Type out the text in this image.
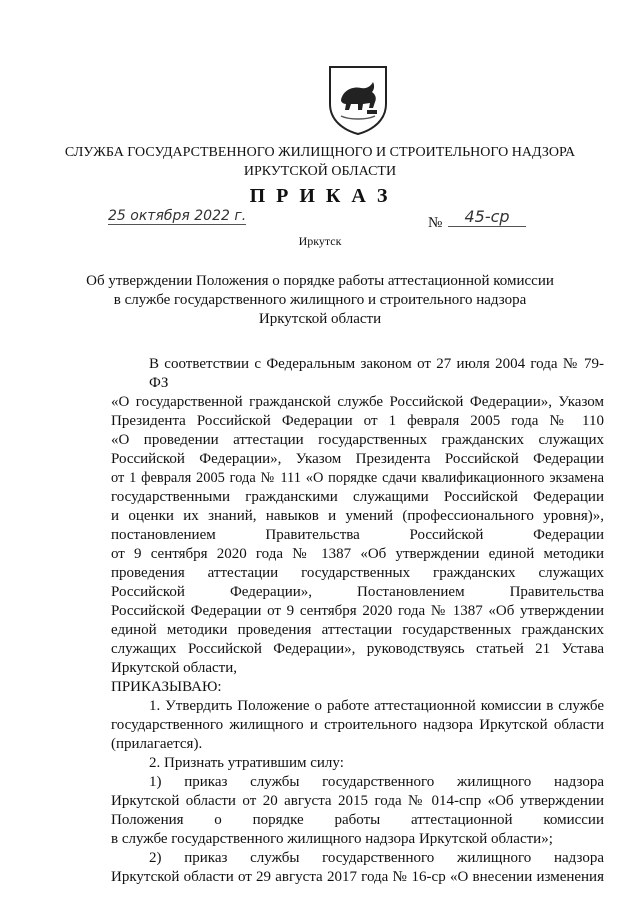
СЛУЖБА ГОСУДАРСТВЕННОГО ЖИЛИЩНОГО И СТРОИТЕЛЬНОГО НАДЗОРА
ИРКУТСКОЙ ОБЛАСТИ
П Р И К А З
25 октября 2022 г.	№	45-ср
Иркутск
Об утверждении Положения о порядке работы аттестационной комиссии
в службе государственного жилищного и строительного надзора
Иркутской области
В соответствии с Федеральным законом от 27 июля 2004 года № 79-ФЗ
«О государственной гражданской службе Российской Федерации», Указом
Президента Российской Федерации от 1 февраля 2005 года № 110
«О проведении аттестации государственных гражданских служащих
Российской Федерации», Указом Президента Российской Федерации
от 1 февраля 2005 года № 111 «О порядке сдачи квалификационного экзамена
государственными гражданскими служащими Российской Федерации
и оценки их знаний, навыков и умений (профессионального уровня)»,
постановлением Правительства Российской Федерации
от 9 сентября 2020 года № 1387 «Об утверждении единой методики
проведения аттестации государственных гражданских служащих
Российской Федерации», Постановлением Правительства
Российской Федерации от 9 сентября 2020 года № 1387 «Об утверждении
единой методики проведения аттестации государственных гражданских
служащих Российской Федерации», руководствуясь статьей 21 Устава
Иркутской области,
ПРИКАЗЫВАЮ:
1. Утвердить Положение о работе аттестационной комиссии в службе
государственного жилищного и строительного надзора Иркутской области
(прилагается).
2. Признать утратившим силу:
1) приказ службы государственного жилищного надзора
Иркутской области от 20 августа 2015 года № 014-спр «Об утверждении
Положения о порядке работы аттестационной комиссии
в службе государственного жилищного надзора Иркутской области»;
2) приказ службы государственного жилищного надзора
Иркутской области от 29 августа 2017 года № 16-ср «О внесении изменения
